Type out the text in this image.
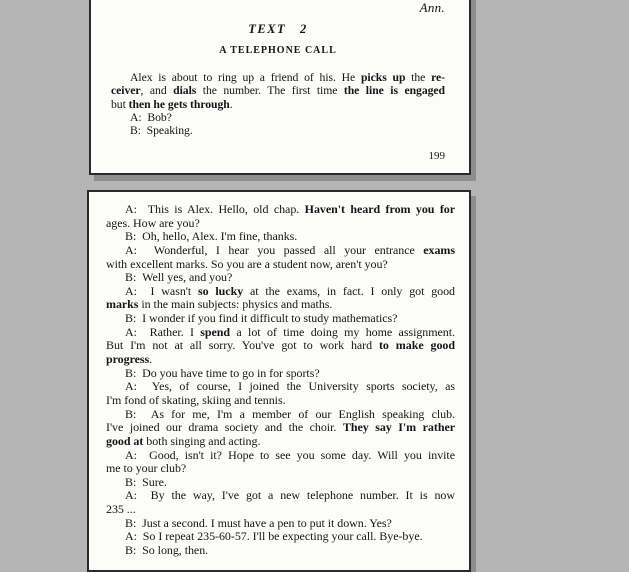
Ann.
TEXT   2
A TELEPHONE CALL
Alex is about to ring up a friend of his. He picks up the re-
ceiver, and dials the number. The first time the line is engaged
but then he gets through.
A:  Bob?
B:  Speaking.
199
A:  This is Alex. Hello, old chap. Haven't heard from you for
ages. How are you?
B:  Oh, hello, Alex. I'm fine, thanks.
A:  Wonderful, I hear you passed all your entrance exams
with excellent marks. So you are a student now, aren't you?
B:  Well yes, and you?
A:  I wasn't so lucky at the exams, in fact. I only got good
marks in the main subjects: physics and maths.
B:  I wonder if you find it difficult to study mathematics?
A:  Rather. I spend a lot of time doing my home assignment.
But I'm not at all sorry. You've got to work hard to make good
progress.
B:  Do you have time to go in for sports?
A:  Yes, of course, I joined the University sports society, as
I'm fond of skating, skiing and tennis.
B:  As for me, I'm a member of our English speaking club.
I've joined our drama society and the choir. They say I'm rather
good at both singing and acting.
A:  Good, isn't it? Hope to see you some day. Will you invite
me to your club?
B:  Sure.
A:  By the way, I've got a new telephone number. It is now
235 ...
B:  Just a second. I must have a pen to put it down. Yes?
A:  So I repeat 235-60-57. I'll be expecting your call. Bye-bye.
B:  So long, then.
